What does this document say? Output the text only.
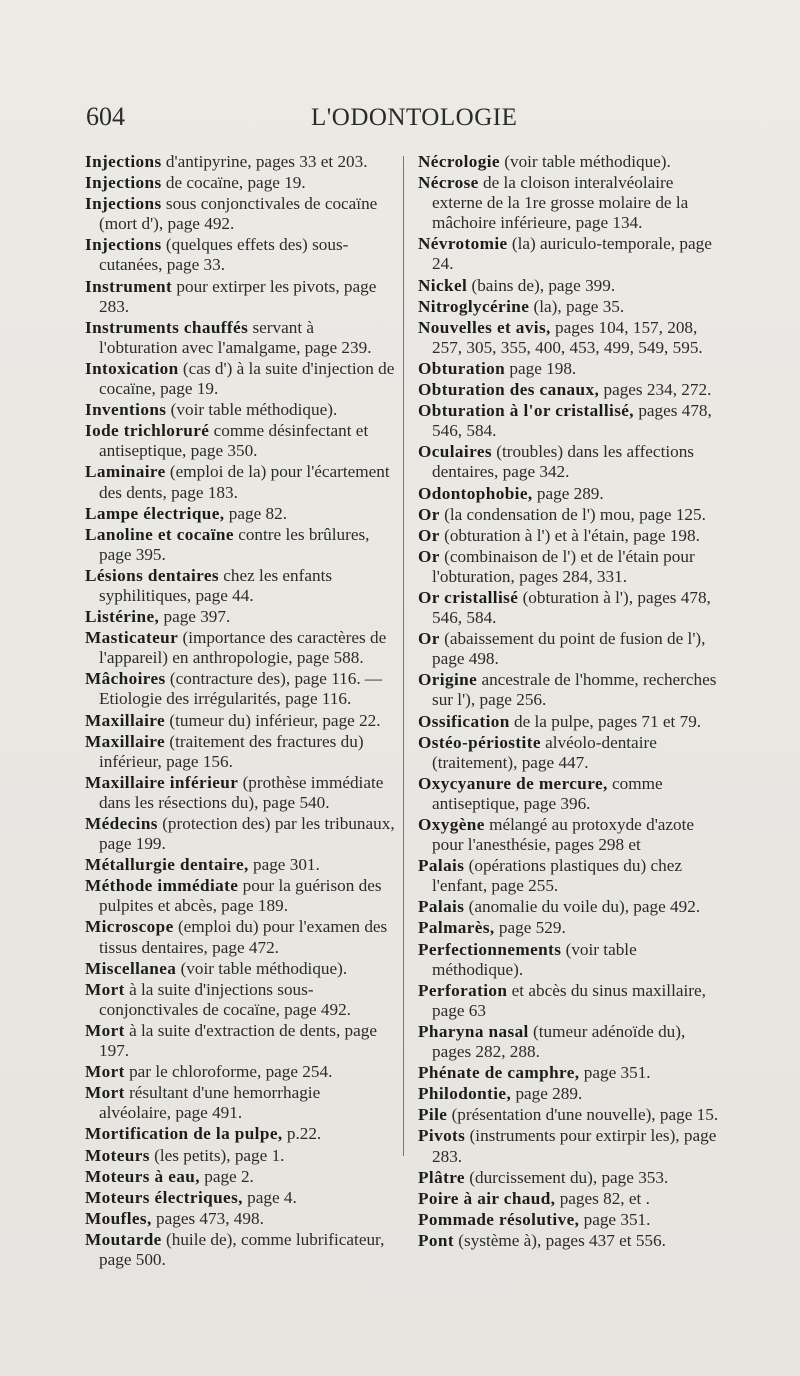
604	L'ODONTOLOGIE
Injections d'antipyrine, pages 33 et 203.
Injections de cocaïne, page 19.
Injections sous conjonctivales de cocaïne (mort d'), page 492.
Injections (quelques effets des) sous-cutanées, page 33.
Instrument pour extirper les pivots, page 283.
Instruments chauffés servant à l'obturation avec l'amalgame, page 239.
Intoxication (cas d') à la suite d'injection de cocaïne, page 19.
Inventions (voir table méthodique).
Iode trichloruré comme désinfectant et antiseptique, page 350.
Laminaire (emploi de la) pour l'écartement des dents, page 183.
Lampe électrique, page 82.
Lanoline et cocaïne contre les brûlures, page 395.
Lésions dentaires chez les enfants syphilitiques, page 44.
Listérine, page 397.
Masticateur (importance des caractères de l'appareil) en anthropologie, page 588.
Mâchoires (contracture des), page 116. — Etiologie des irrégularités, page 116.
Maxillaire (tumeur du) inférieur, page 22.
Maxillaire (traitement des fractures du) inférieur, page 156.
Maxillaire inférieur (prothèse immédiate dans les résections du), page 540.
Médecins (protection des) par les tribunaux, page 199.
Métallurgie dentaire, page 301.
Méthode immédiate pour la guérison des pulpites et abcès, page 189.
Microscope (emploi du) pour l'examen des tissus dentaires, page 472.
Miscellanea (voir table méthodique).
Mort à la suite d'injections sous-conjonctivales de cocaïne, page 492.
Mort à la suite d'extraction de dents, page 197.
Mort par le chloroforme, page 254.
Mort résultant d'une hemorrhagie alvéolaire, page 491.
Mortification de la pulpe, p.22.
Moteurs (les petits), page 1.
Moteurs à eau, page 2.
Moteurs électriques, page 4.
Moufles, pages 473, 498.
Moutarde (huile de), comme lubrificateur, page 500.
Nécrologie (voir table méthodique).
Nécrose de la cloison interalvéolaire externe de la 1re grosse molaire de la mâchoire inférieure, page 134.
Névrotomie (la) auriculo-temporale, page 24.
Nickel (bains de), page 399.
Nitroglycérine (la), page 35.
Nouvelles et avis, pages 104, 157, 208, 257, 305, 355, 400, 453, 499, 549, 595.
Obturation page 198.
Obturation des canaux, pages 234, 272.
Obturation à l'or cristallisé, pages 478, 546, 584.
Oculaires (troubles) dans les affections dentaires, page 342.
Odontophobie, page 289.
Or (la condensation de l') mou, page 125.
Or (obturation à l') et à l'étain, page 198.
Or (combinaison de l') et de l'étain pour l'obturation, pages 284, 331.
Or cristallisé (obturation à l'), pages 478, 546, 584.
Or (abaissement du point de fusion de l'), page 498.
Origine ancestrale de l'homme, recherches sur l'), page 256.
Ossification de la pulpe, pages 71 et 79.
Ostéo-périostite alvéolo-dentaire (traitement), page 447.
Oxycyanure de mercure, comme antiseptique, page 396.
Oxygène mélangé au protoxyde d'azote pour l'anesthésie, pages 298 et
Palais (opérations plastiques du) chez l'enfant, page 255.
Palais (anomalie du voile du), page 492.
Palmarès, page 529.
Perfectionnements (voir table méthodique).
Perforation et abcès du sinus maxillaire, page 63
Pharyna nasal (tumeur adénoïde du), pages 282, 288.
Phénate de camphre, page 351.
Philodontie, page 289.
Pile (présentation d'une nouvelle), page 15.
Pivots (instruments pour extirpir les), page 283.
Plâtre (durcissement du), page 353.
Poire à air chaud, pages 82, et .
Pommade résolutive, page 351.
Pont (système à), pages 437 et 556.
